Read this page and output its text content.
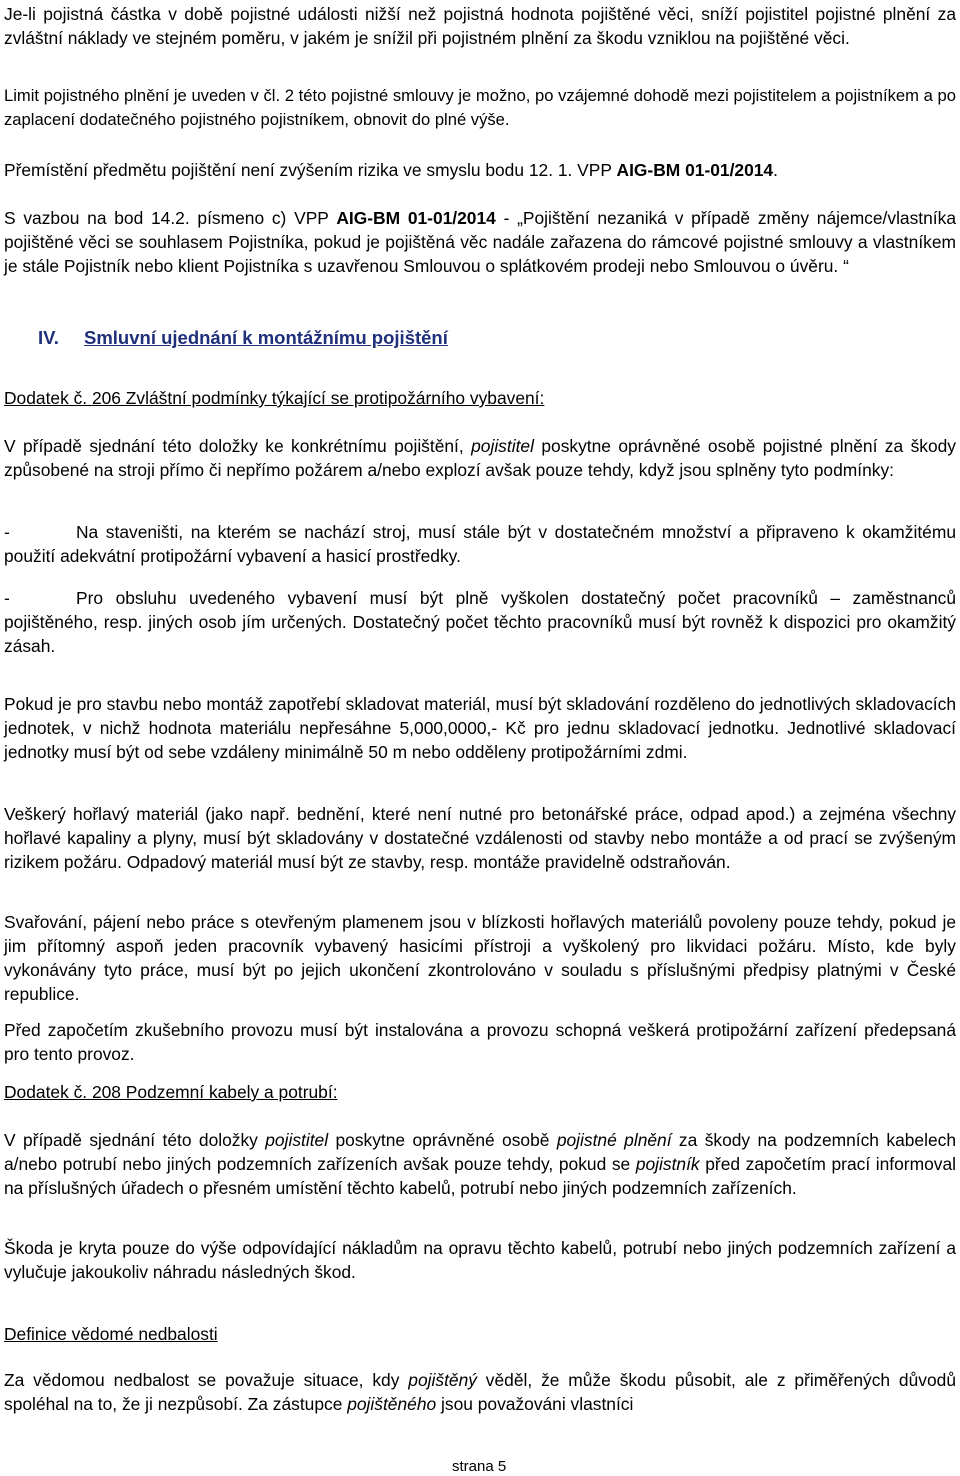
Je-li pojistná částka v době pojistné události nižší než pojistná hodnota pojištěné věci, sníží pojistitel pojistné plnění za zvláštní náklady ve stejném poměru, v jakém je snížil při pojistném plnění za škodu vzniklou na pojištěné věci.

Limit pojistného plnění je uveden v čl. 2 této pojistné smlouvy je možno, po vzájemné dohodě mezi pojistitelem a pojistníkem a po zaplacení dodatečného pojistného pojistníkem, obnovit do plné výše.

Přemístění předmětu pojištění není zvýšením rizika ve smyslu bodu 12. 1. VPP AIG-BM 01-01/2014.

S vazbou na bod 14.2. písmeno c) VPP AIG-BM 01-01/2014 - „Pojištění nezaniká v případě změny nájemce/vlastníka pojištěné věci se souhlasem Pojistníka, pokud je pojištěná věc nadále zařazena do rámcové pojistné smlouvy a vlastníkem je stále Pojistník nebo klient Pojistníka s uzavřenou Smlouvou o splátkovém prodeji nebo Smlouvou o úvěru. “

IV. Smluvní ujednání k montážnímu pojištění
Dodatek č. 206 Zvláštní podmínky týkající se protipožárního vybavení:

V případě sjednání této doložky ke konkrétnímu pojištění, pojistitel poskytne oprávněné osobě pojistné plnění za škody způsobené na stroji přímo či nepřímo požárem a/nebo explozí avšak pouze tehdy, když jsou splněny tyto podmínky:

-	Na staveništi, na kterém se nachází stroj, musí stále být v dostatečném množství a připraveno k okamžitému použití adekvátní protipožární vybavení a hasicí prostředky.
-	Pro obsluhu uvedeného vybavení musí být plně vyškolen dostatečný počet pracovníků – zaměstnanců pojištěného, resp. jiných osob jím určených. Dostatečný počet těchto pracovníků musí být rovněž k dispozici pro okamžitý zásah.

Pokud je pro stavbu nebo montáž zapotřebí skladovat materiál, musí být skladování rozděleno do jednotlivých skladovacích jednotek, v nichž hodnota materiálu nepřesáhne 5,000,0000,- Kč pro jednu skladovací jednotku. Jednotlivé skladovací jednotky musí být od sebe vzdáleny minimálně 50 m nebo odděleny protipožárními zdmi.

Veškerý hořlavý materiál (jako např. bednění, které není nutné pro betonářské práce, odpad apod.) a zejména všechny hořlavé kapaliny a plyny, musí být skladovány v dostatečné vzdálenosti od stavby nebo montáže a od prací se zvýšeným rizikem požáru. Odpadový materiál musí být ze stavby, resp. montáže pravidelně odstraňován.

Svařování, pájení nebo práce s otevřeným plamenem jsou v blízkosti hořlavých materiálů povoleny pouze tehdy, pokud je jim přítomný aspoň jeden pracovník vybavený hasicími přístroji a vyškolený pro likvidaci požáru. Místo, kde byly vykonávány tyto práce, musí být po jejich ukončení zkontrolováno v souladu s příslušnými předpisy platnými v České republice.

Před započetím zkušebního provozu musí být instalována a provozu schopná veškerá protipožární zařízení předepsaná pro tento provoz.

Dodatek č. 208 Podzemní kabely a potrubí:

V případě sjednání této doložky pojistitel poskytne oprávněné osobě pojistné plnění za škody na podzemních kabelech a/nebo potrubí nebo jiných podzemních zařízeních avšak pouze tehdy, pokud se pojistník před započetím prací informoval na příslušných úřadech o přesném umístění těchto kabelů, potrubí nebo jiných podzemních zařízeních.

Škoda je kryta pouze do výše odpovídající nákladům na opravu těchto kabelů, potrubí nebo jiných podzemních zařízení a vylučuje jakoukoliv náhradu následných škod.

Definice vědomé nedbalosti

Za vědomou nedbalost se považuje situace, kdy pojištěný věděl, že může škodu působit, ale z přiměřených důvodů spoléhal na to, že ji nezpůsobí. Za zástupce pojištěného jsou považováni vlastníci

strana 5
